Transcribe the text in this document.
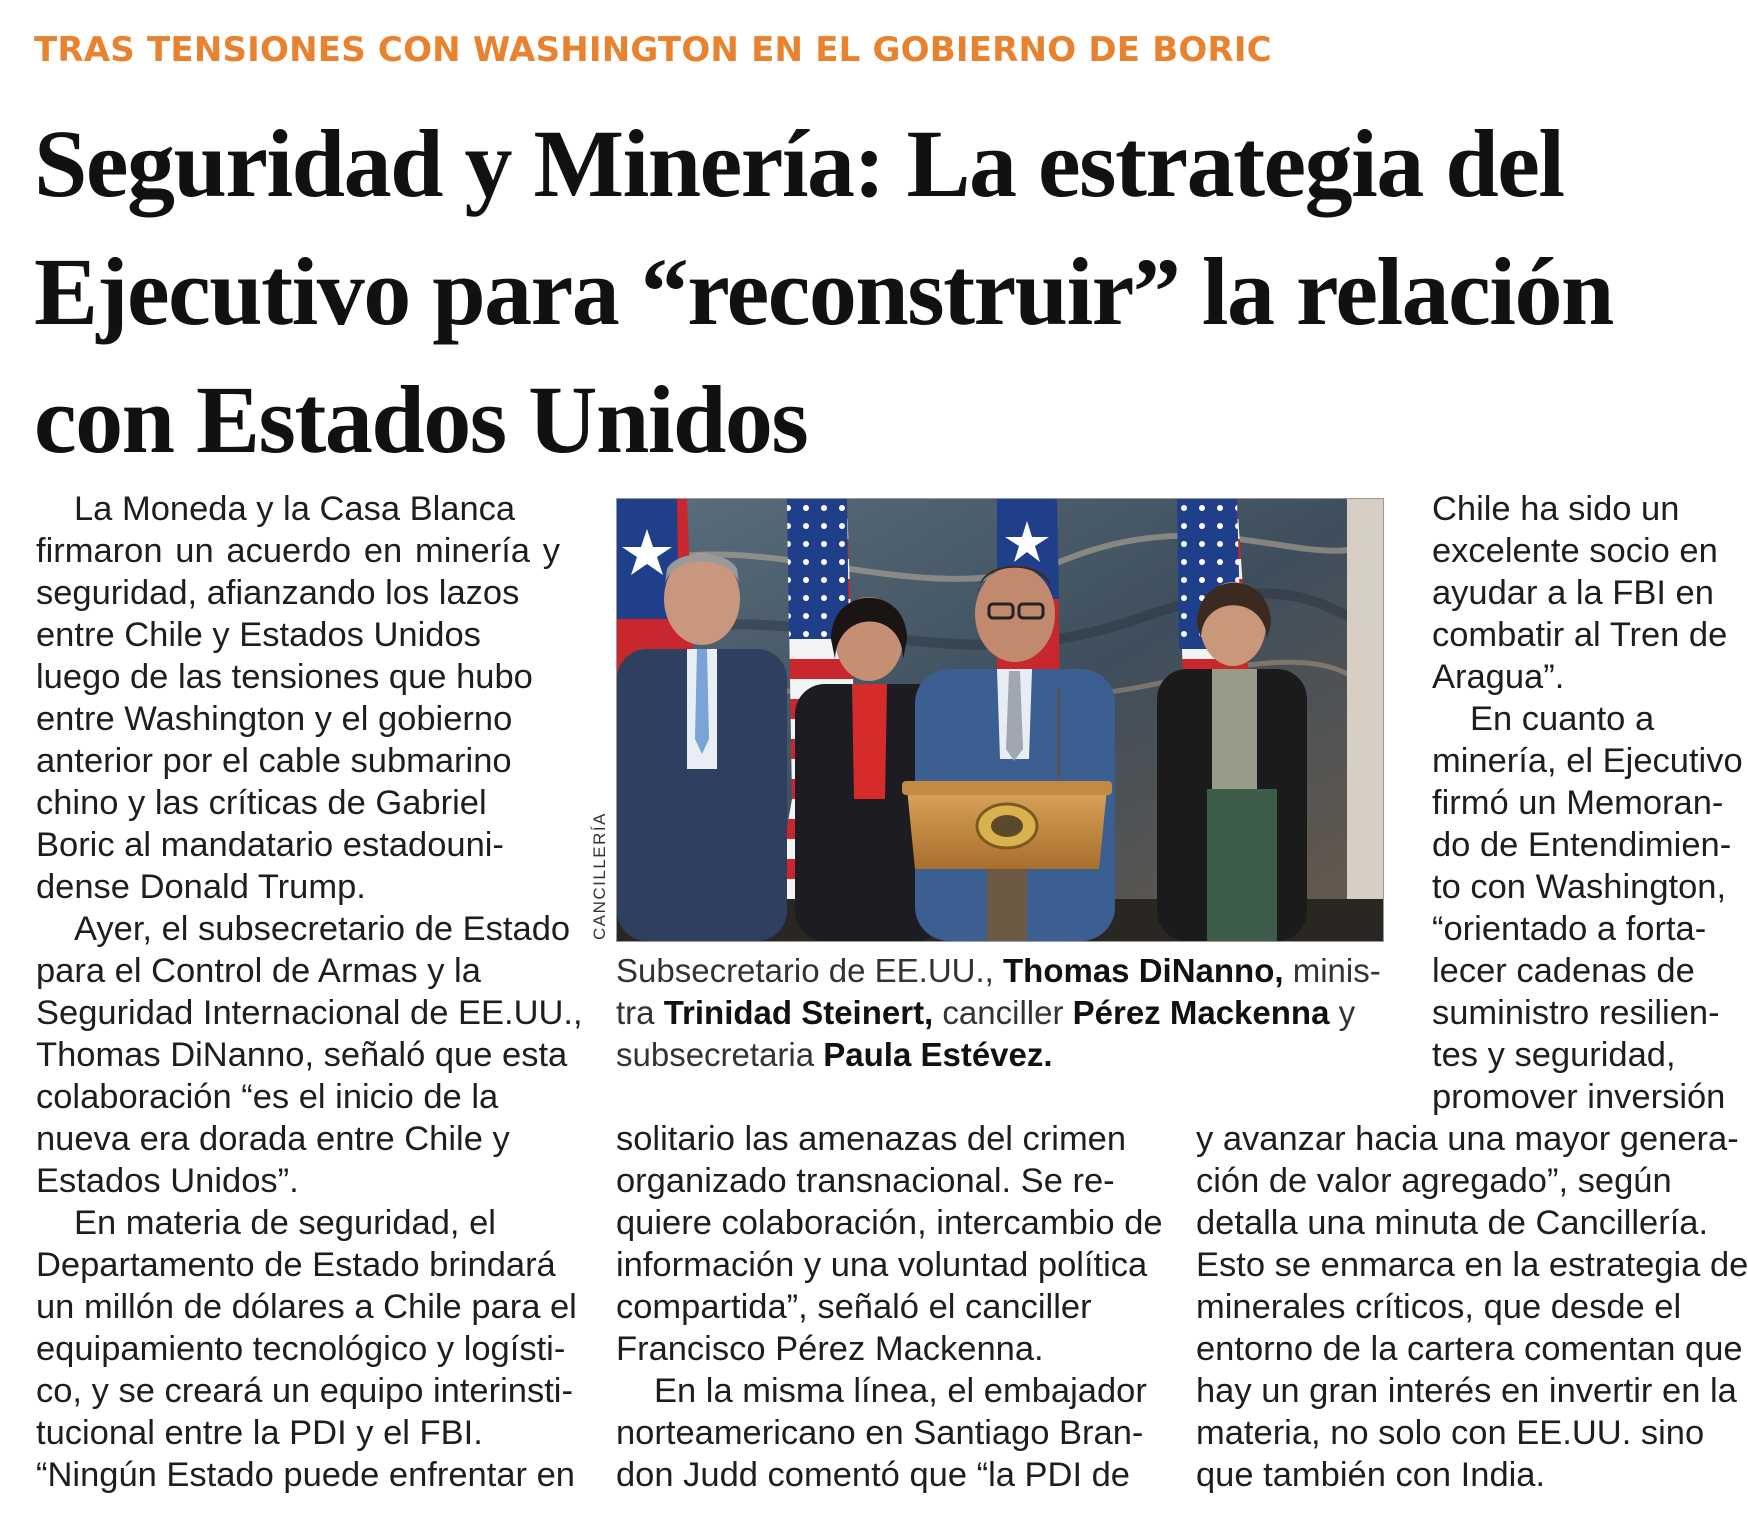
TRAS TENSIONES CON WASHINGTON EN EL GOBIERNO DE BORIC
Seguridad y Minería: La estrategia del
Ejecutivo para “reconstruir” la relación
con Estados Unidos
La Moneda y la Casa Blanca
firmaron un acuerdo en minería y
seguridad, afianzando los lazos
entre Chile y Estados Unidos
luego de las tensiones que hubo
entre Washington y el gobierno
anterior por el cable submarino
chino y las críticas de Gabriel
Boric al mandatario estadouni-
dense Donald Trump.
Ayer, el subsecretario de Estado
para el Control de Armas y la
Seguridad Internacional de EE.UU.,
Thomas DiNanno, señaló que esta
colaboración “es el inicio de la
nueva era dorada entre Chile y
Estados Unidos”.
En materia de seguridad, el
Departamento de Estado brindará
un millón de dólares a Chile para el
equipamiento tecnológico y logísti-
co, y se creará un equipo interinsti-
tucional entre la PDI y el FBI.
“Ningún Estado puede enfrentar en
CANCILLERÍA
Subsecretario de EE.UU., Thomas DiNanno, minis-
tra Trinidad Steinert, canciller Pérez Mackenna y
subsecretaria Paula Estévez.
solitario las amenazas del crimen
organizado transnacional. Se re-
quiere colaboración, intercambio de
información y una voluntad política
compartida”, señaló el canciller
Francisco Pérez Mackenna.
En la misma línea, el embajador
norteamericano en Santiago Bran-
don Judd comentó que “la PDI de
Chile ha sido un
excelente socio en
ayudar a la FBI en
combatir al Tren de
Aragua”.
En cuanto a
minería, el Ejecutivo
firmó un Memoran-
do de Entendimien-
to con Washington,
“orientado a forta-
lecer cadenas de
suministro resilien-
tes y seguridad,
promover inversión
y avanzar hacia una mayor genera-
ción de valor agregado”, según
detalla una minuta de Cancillería.
Esto se enmarca en la estrategia de
minerales críticos, que desde el
entorno de la cartera comentan que
hay un gran interés en invertir en la
materia, no solo con EE.UU. sino
que también con India.
